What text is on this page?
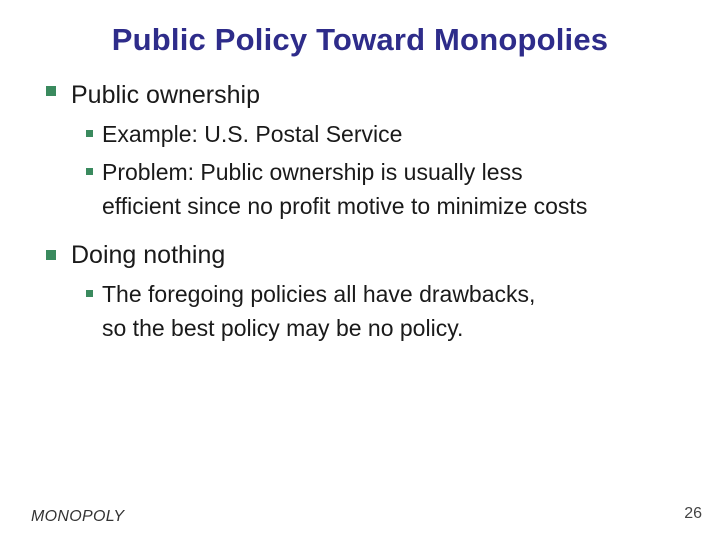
Public Policy Toward Monopolies
Public ownership
Example: U.S. Postal Service
Problem: Public ownership is usually less
efficient since no profit motive to minimize costs
Doing nothing
The foregoing policies all have drawbacks,
so the best policy may be no policy.
MONOPOLY	26
